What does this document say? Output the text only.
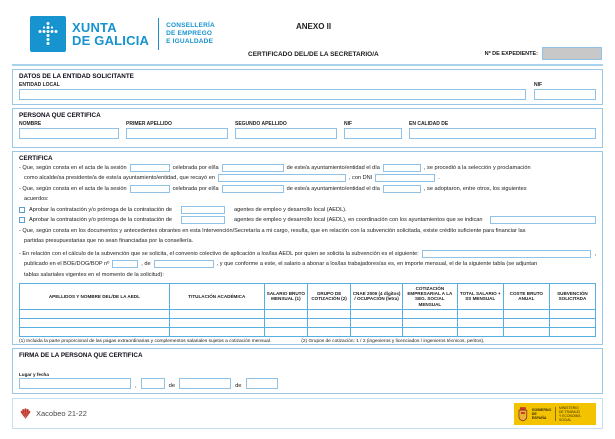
XUNTA
DE GALICIA
CONSELLERÍA
DE EMPREGO
E IGUALDADE
ANEXO II
CERTIFICADO DEL/DE LA SECRETARIO/A	Nº DE EXPEDIENTE:
DATOS DE LA ENTIDAD SOLICITANTE
ENTIDAD LOCAL	NIF
PERSONA QUE CERTIFICA
NOMBRE	PRIMER APELLIDO	SEGUNDO APELLIDO	NIF	EN CALIDAD DE
CERTIFICA
- Que, según consta en el acta de la sesión	celebrada por el/la	de este/a ayuntamiento/entidad el día	, se procedió a la selección y proclamación
como alcalde/sa presidente/a de este/a ayuntamiento/entidad, que recayó en	, con DNI	.
- Que, según consta en el acta de la sesión	celebrada por el/la	de este/a ayuntamiento/entidad el día	, se adoptaron, entre otros, los siguientes
acuerdos:
Aprobar la contratación y/o prórroga de la contratación de	agentes de empleo y desarrollo local (AEDL).
Aprobar la contratación y/o prórroga de la contratación de	agentes de empleo y desarrollo local (AEDL), en coordinación con los ayuntamientos que se indican
- Que, según consta en los documentos y antecedentes obrantes en esta Intervención/Secretaría a mi cargo, resulta, que en relación con la subvención solicitada, existe crédito suficiente para financiar las
partidas presupuestarias que no sean financiadas por la consellería.
- En relación con el cálculo de la subvención que se solicita, el convenio colectivo de aplicación a los/las AEDL por quien se solicita la subvención es el siguiente:	,
publicado en el BOE/DOG/BOP nº	, de	, y que conforme a este, el salario a abonar a los/las trabajadores/as es, en importe mensual, el de la siguiente tabla (se adjuntan
tablas salariales vigentes en el momento de la solicitud):
APELLIDOS Y NOMBRE DEL/DE LA AEDL	TITULACIÓN ACADÉMICA	SALARIO BRUTO MENSUAL (1)	GRUPO DE COTIZACIÓN (2)	CNAE 2009 (4 dígitos) / OCUPACIÓN (letra)	COTIZACIÓN EMPRESARIAL A LA SEG. SOCIAL MENSUAL	TOTAL SALARIO + SS MENSUAL	COSTE BRUTO ANUAL	SUBVENCIÓN SOLICITADA

(1) Incluida la parte proporcional de las pagas extraordinarias y complementos salariales sujetos a cotización mensual.	(2) Grupos de cotización: 1 / 2 (ingenieros y licenciados / ingenieros técnicos, peritos).
FIRMA DE LA PERSONA QUE CERTIFICA
Lugar y fecha
,	de	de
Xacobeo 21-22	GOBIERNO
DE ESPAÑA
MINISTERIO
DE TRABAJO
Y ECONOMÍA SOCIAL
